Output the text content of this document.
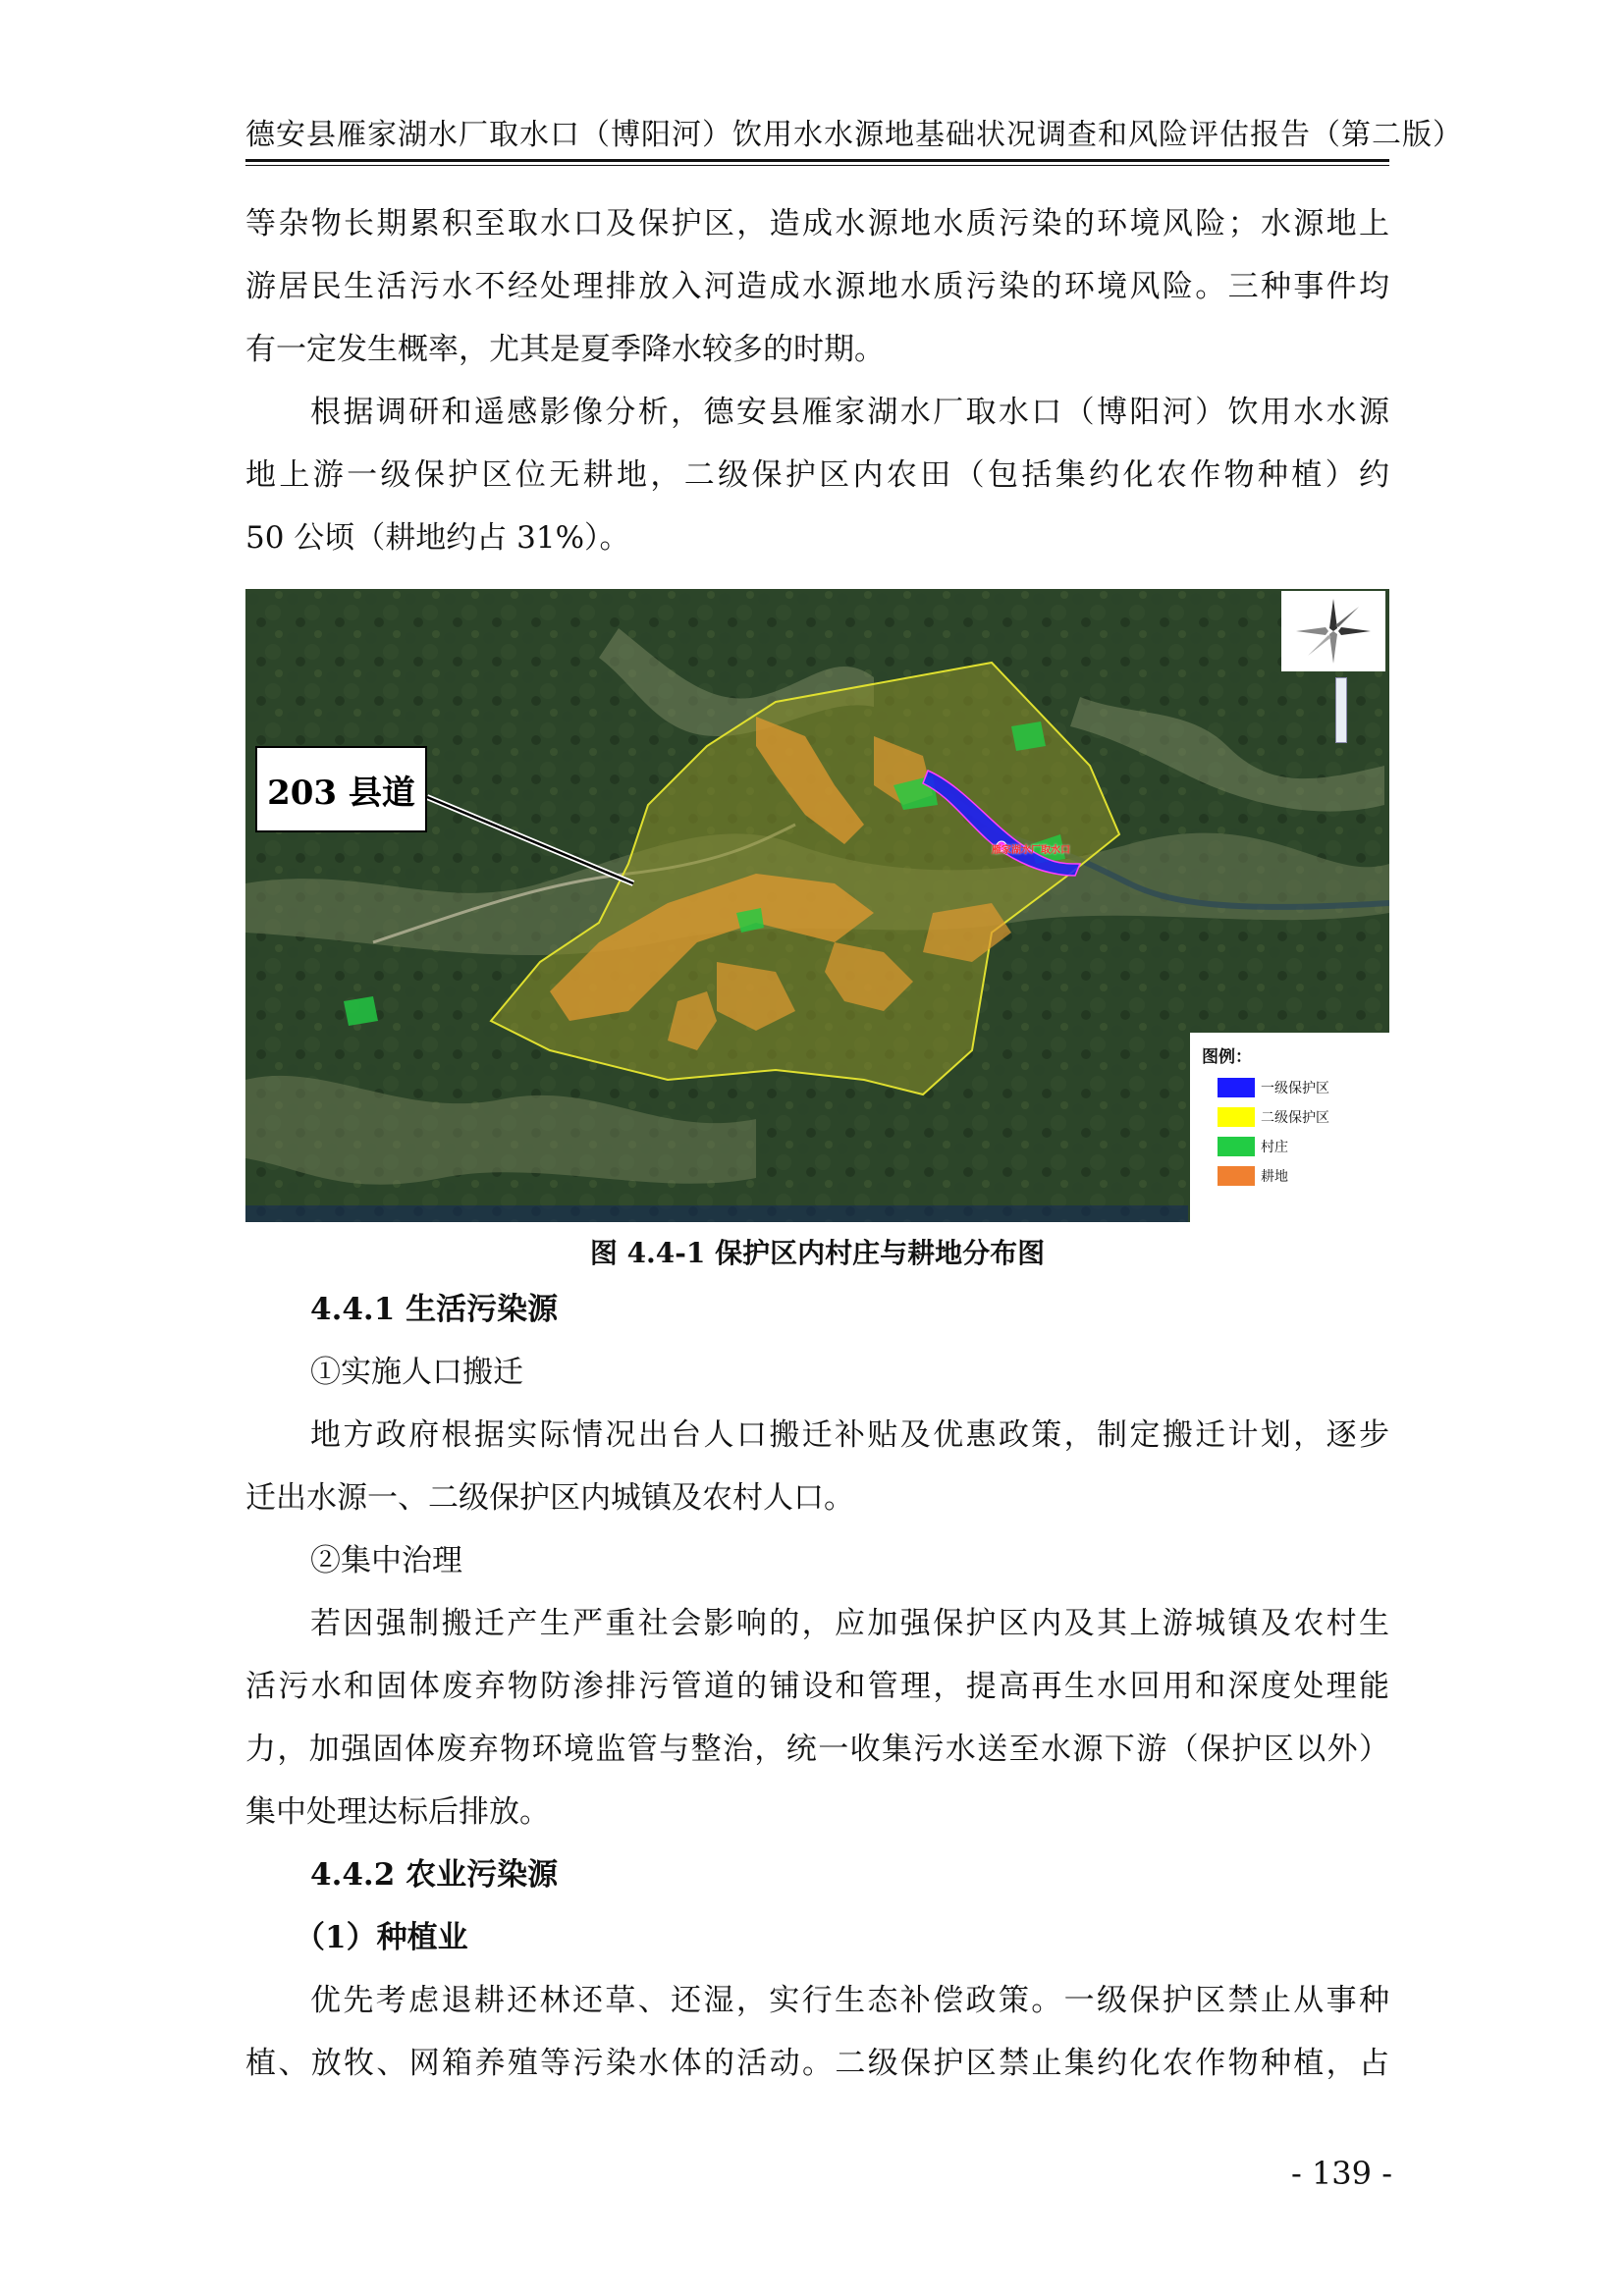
德安县雁家湖水厂取水口（博阳河）饮用水水源地基础状况调查和风险评估报告（第二版）
等杂物长期累积至取水口及保护区，造成水源地水质污染的环境风险；水源地上
游居民生活污水不经处理排放入河造成水源地水质污染的环境风险。三种事件均
有一定发生概率，尤其是夏季降水较多的时期。
根据调研和遥感影像分析，德安县雁家湖水厂取水口（博阳河）饮用水水源
地上游一级保护区位无耕地，二级保护区内农田（包括集约化农作物种植）约
50 公顷（耕地约占 31%）。
203 县道
雁家湖水厂取水口
图例：
一级保护区
二级保护区
村庄
耕地
图 4.4-1 保护区内村庄与耕地分布图
4.4.1 生活污染源
①实施人口搬迁
地方政府根据实际情况出台人口搬迁补贴及优惠政策，制定搬迁计划，逐步
迁出水源一、二级保护区内城镇及农村人口。
②集中治理
若因强制搬迁产生严重社会影响的，应加强保护区内及其上游城镇及农村生
活污水和固体废弃物防渗排污管道的铺设和管理，提高再生水回用和深度处理能
力，加强固体废弃物环境监管与整治，统一收集污水送至水源下游（保护区以外）
集中处理达标后排放。
4.4.2 农业污染源
（1）种植业
优先考虑退耕还林还草、还湿，实行生态补偿政策。一级保护区禁止从事种
植、放牧、网箱养殖等污染水体的活动。二级保护区禁止集约化农作物种植，占
- 139 -
